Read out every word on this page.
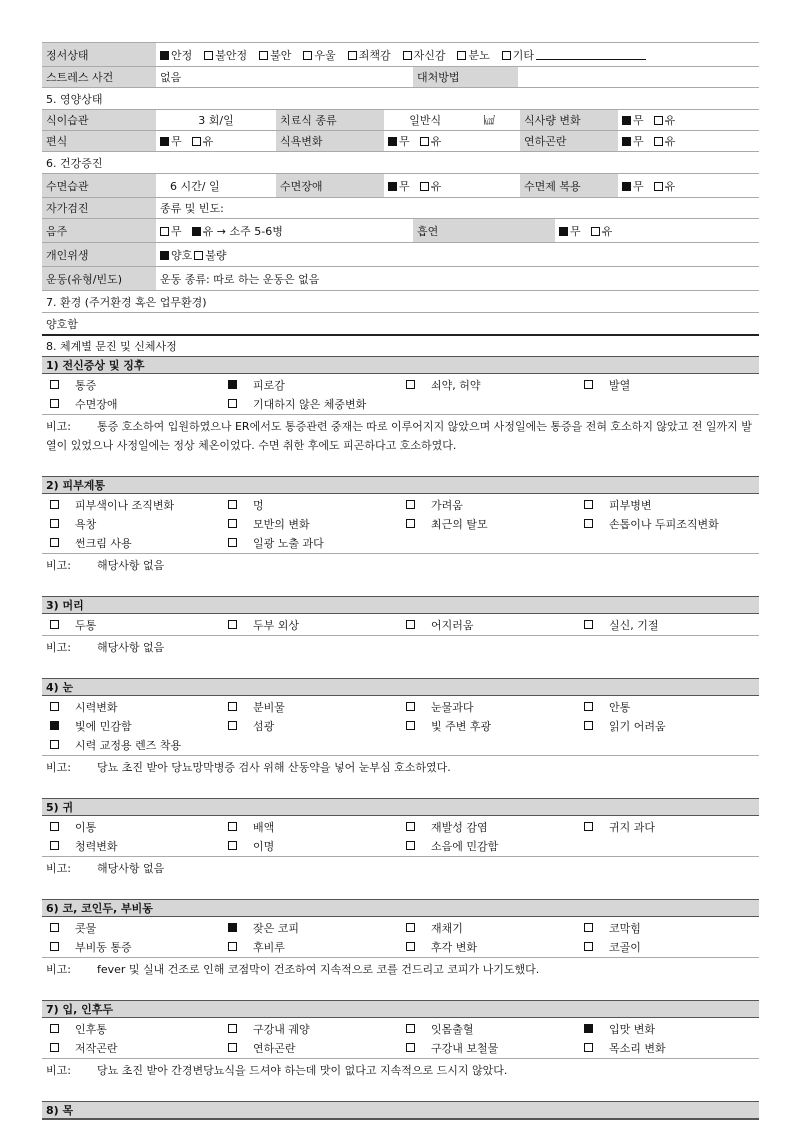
정서상태	안정	불안정	불안	우울	죄책감	자신감	분노	기타
스트레스 사건	없음	대처방법
5. 영양상태
식이습관	3 회/일	치료식 종류	일반식	㎉	식사량 변화	무	유
편식	무	유	식욕변화	무	유	연하곤란	무	유
6. 건강증진
수면습관	6 시간/ 일	수면장애	무	유	수면제 복용	무	유
자가검진	종류 및 빈도:
음주	무	유 → 소주 5-6병	흡연	무	유
개인위생	양호	불량
운동(유형/빈도)	운동 종류: 따로 하는 운동은 없음
7. 환경 (주거환경 혹은 업무환경)
양호함
8. 체계별 문진 및 신체사정
1) 전신증상 및 징후
통증	피로감	쇠약, 허약	발열
수면장애	기대하지 않은 체중변화
비고: 통증 호소하여 입원하였으나 ER에서도 통증관련 중재는 따로 이루어지지 않았으며 사정일에는 통증을 전혀 호소하지 않았고 전 일까지 발열이 있었으나 사정일에는 정상 체온이었다. 수면 취한 후에도 피곤하다고 호소하였다.
2) 피부계통
피부색이나 조직변화	멍	가려움	피부병변
욕창	모반의 변화	최근의 탈모	손톱이나 두피조직변화
썬크림 사용	일광 노출 과다
비고: 해당사항 없음
3) 머리
두통	두부 외상	어지러움	실신, 기절
비고: 해당사항 없음
4) 눈
시력변화	분비물	눈물과다	안통
빛에 민감함	섬광	빛 주변 후광	읽기 어려움
시력 교정용 렌즈 착용
비고: 당뇨 초진 받아 당뇨망막병증 검사 위해 산동약을 넣어 눈부심 호소하였다.
5) 귀
이통	배액	재발성 감염	귀지 과다
청력변화	이명	소음에 민감함
비고: 해당사항 없음
6) 코, 코인두, 부비동
콧물	잦은 코피	재채기	코막힘
부비동 통증	후비루	후각 변화	코골이
비고: fever 및 실내 건조로 인해 코점막이 건조하여 지속적으로 코를 건드리고 코피가 나기도했다.
7) 입, 인후두
인후통	구강내 궤양	잇몸출혈	입맛 변화
저작곤란	연하곤란	구강내 보철물	목소리 변화
비고: 당뇨 초진 받아 간경변당뇨식을 드셔야 하는데 맛이 없다고 지속적으로 드시지 않았다.
8) 목
